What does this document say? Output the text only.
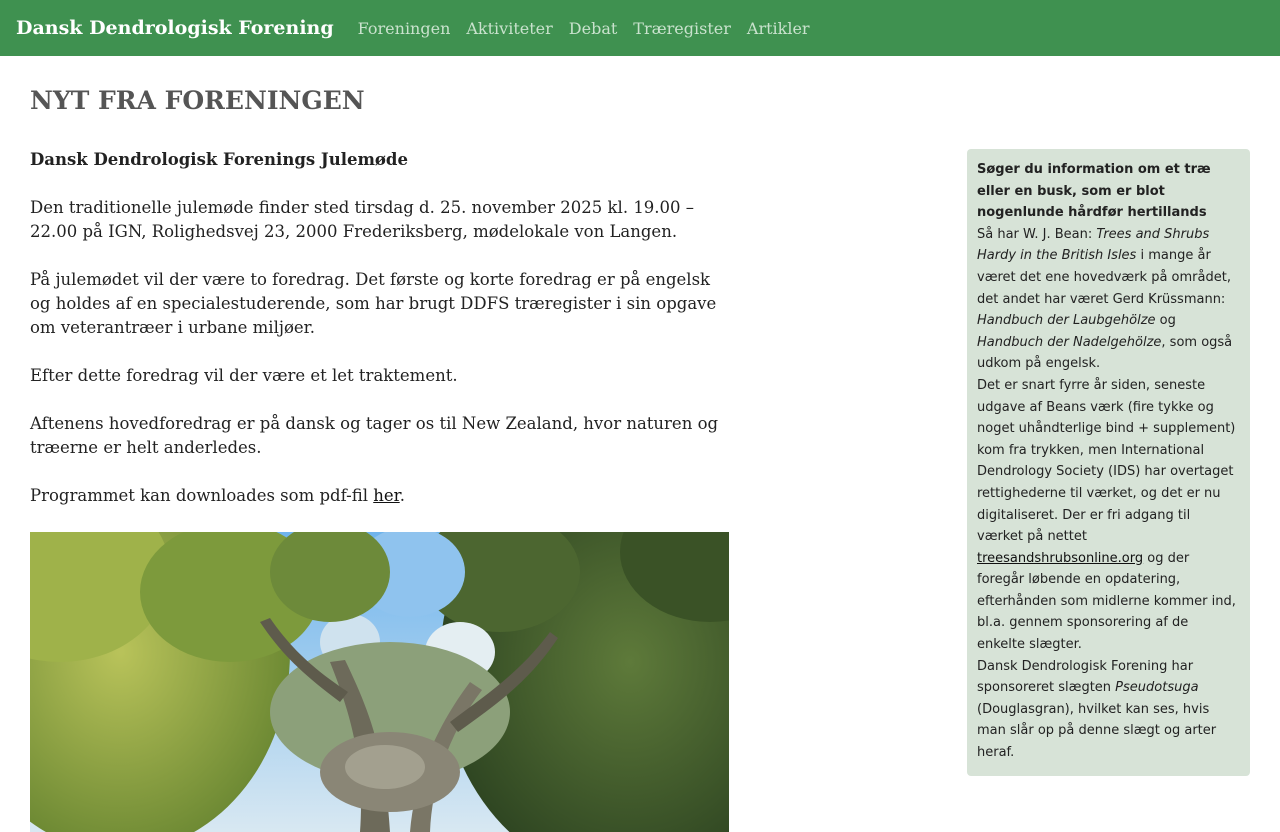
Dansk Dendrologisk Forening	Foreningen	Aktiviteter	Debat	Træregister	Artikler
NYT FRA FORENINGEN

Dansk Dendrologisk Forenings Julemøde

Den traditionelle julemøde finder sted tirsdag d. 25. november 2025 kl. 19.00 – 22.00 på IGN, Rolighedsvej 23, 2000 Frederiksberg, mødelokale von Langen.

På julemødet vil der være to foredrag. Det første og korte foredrag er på engelsk og holdes af en specialestuderende, som har brugt DDFS træregister i sin opgave om veterantræer i urbane miljøer.

Efter dette foredrag vil der være et let traktement.

Aftenens hovedforedrag er på dansk og tager os til New Zealand, hvor naturen og træerne er helt anderledes.

Programmet kan downloades som pdf-fil her.

Søger du information om et træ eller en busk, som er blot nogenlunde hårdfør hertillands

Så har W. J. Bean: Trees and Shrubs Hardy in the British Isles i mange år været det ene hovedværk på området, det andet har været Gerd Krüssmann: Handbuch der Laubgehölze og Handbuch der Nadelgehölze, som også udkom på engelsk.

Det er snart fyrre år siden, seneste udgave af Beans værk (fire tykke og noget uhåndterlige bind + supplement) kom fra trykken, men International Dendrology Society (IDS) har overtaget rettighederne til værket, og det er nu digitaliseret. Der er fri adgang til værket på nettet treesandshrubsonline.org og der foregår løbende en opdatering, efterhånden som midlerne kommer ind, bl.a. gennem sponsorering af de enkelte slægter.

Dansk Dendrologisk Forening har sponsoreret slægten Pseudotsuga (Douglasgran), hvilket kan ses, hvis man slår op på denne slægt og arter heraf.
